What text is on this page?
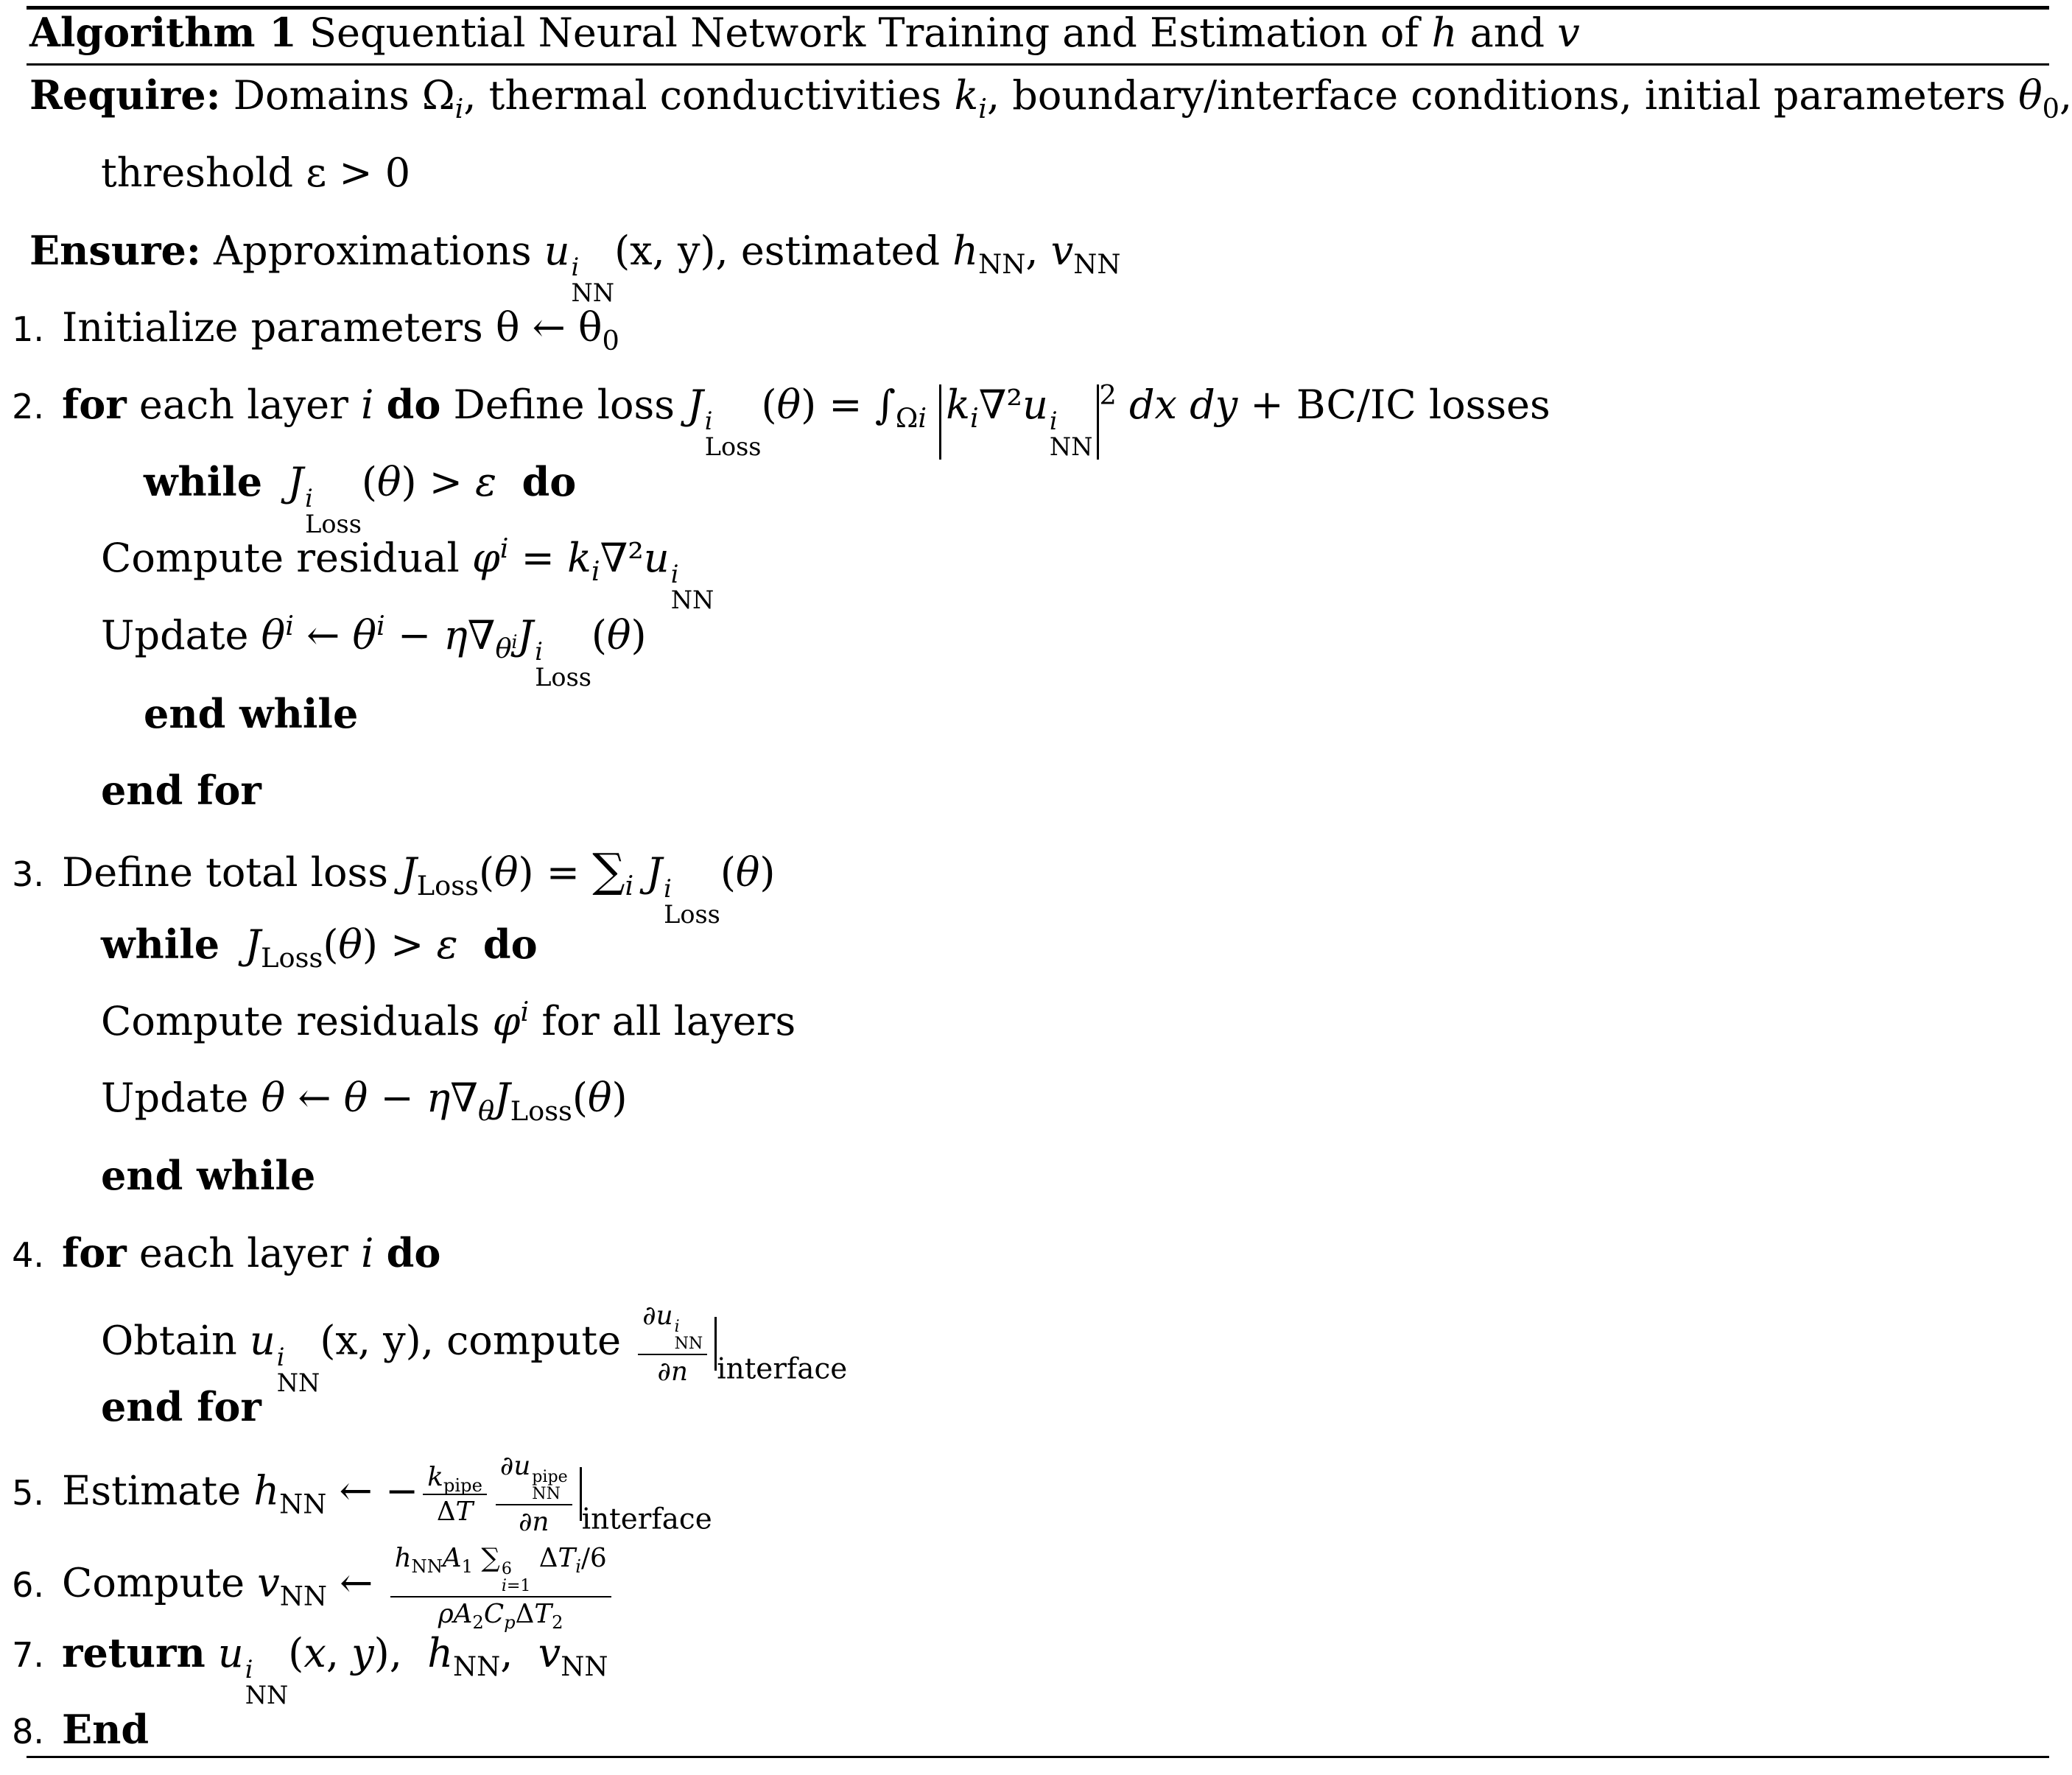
Algorithm 1 Sequential Neural Network Training and Estimation of h and v
Require: Domains $\Omega_i$, thermal conductivities $k_i$, boundary/interface conditions, initial parameters $\theta_0$,
threshold ε > 0
Ensure: Approximations u i
NN
(x, y), estimated $h_{NN}$, $v_{NN}$
1. Initialize parameters θ ← $\theta_0$
2. for each layer i do Define loss J i
Loss
$(\theta) = \int_{\Omega i}$ $k_i\nabla^2u$ i
NN
$^2$ dx dy + BC/IC losses
while J i
Loss
(θ) > ε do
Compute residual $\varphi^i = k_i\nabla^2u$ i
NN
Update $\theta^i$ ← $\theta^i - \eta\nabla_{\theta^i}J$ i
Loss
(θ)
end while
end for
3. Define total loss $J_{Loss}(\theta) = \sum_i$ J i
Loss
(θ)
while $J_{Loss}(\theta) > \varepsilon$ do
Compute residuals $\varphi^i$ for all layers
Update θ ← $\theta - \eta\nabla_\theta J_{Loss}(\theta)$
end while
4. for each layer i do
Obtain u i
NN
(x, y), compute ∂u i
NN
∂n $_{interface}$
end for
5. Estimate $h_{NN}$ ← − $\frac{k_{pipe}}{\Delta T} \partial u$ pipe
NN
∂n $_{interface}$
6. Compute $v_{NN}$ ← $h_{NN}A_1$ ∑ 6
i=1
$\Delta T_i/6$
$\rho A_2C_p\Delta T_2$
7. return u i
NN
(x, y),  $h_{NN}$,  $v_{NN}$
8. End
